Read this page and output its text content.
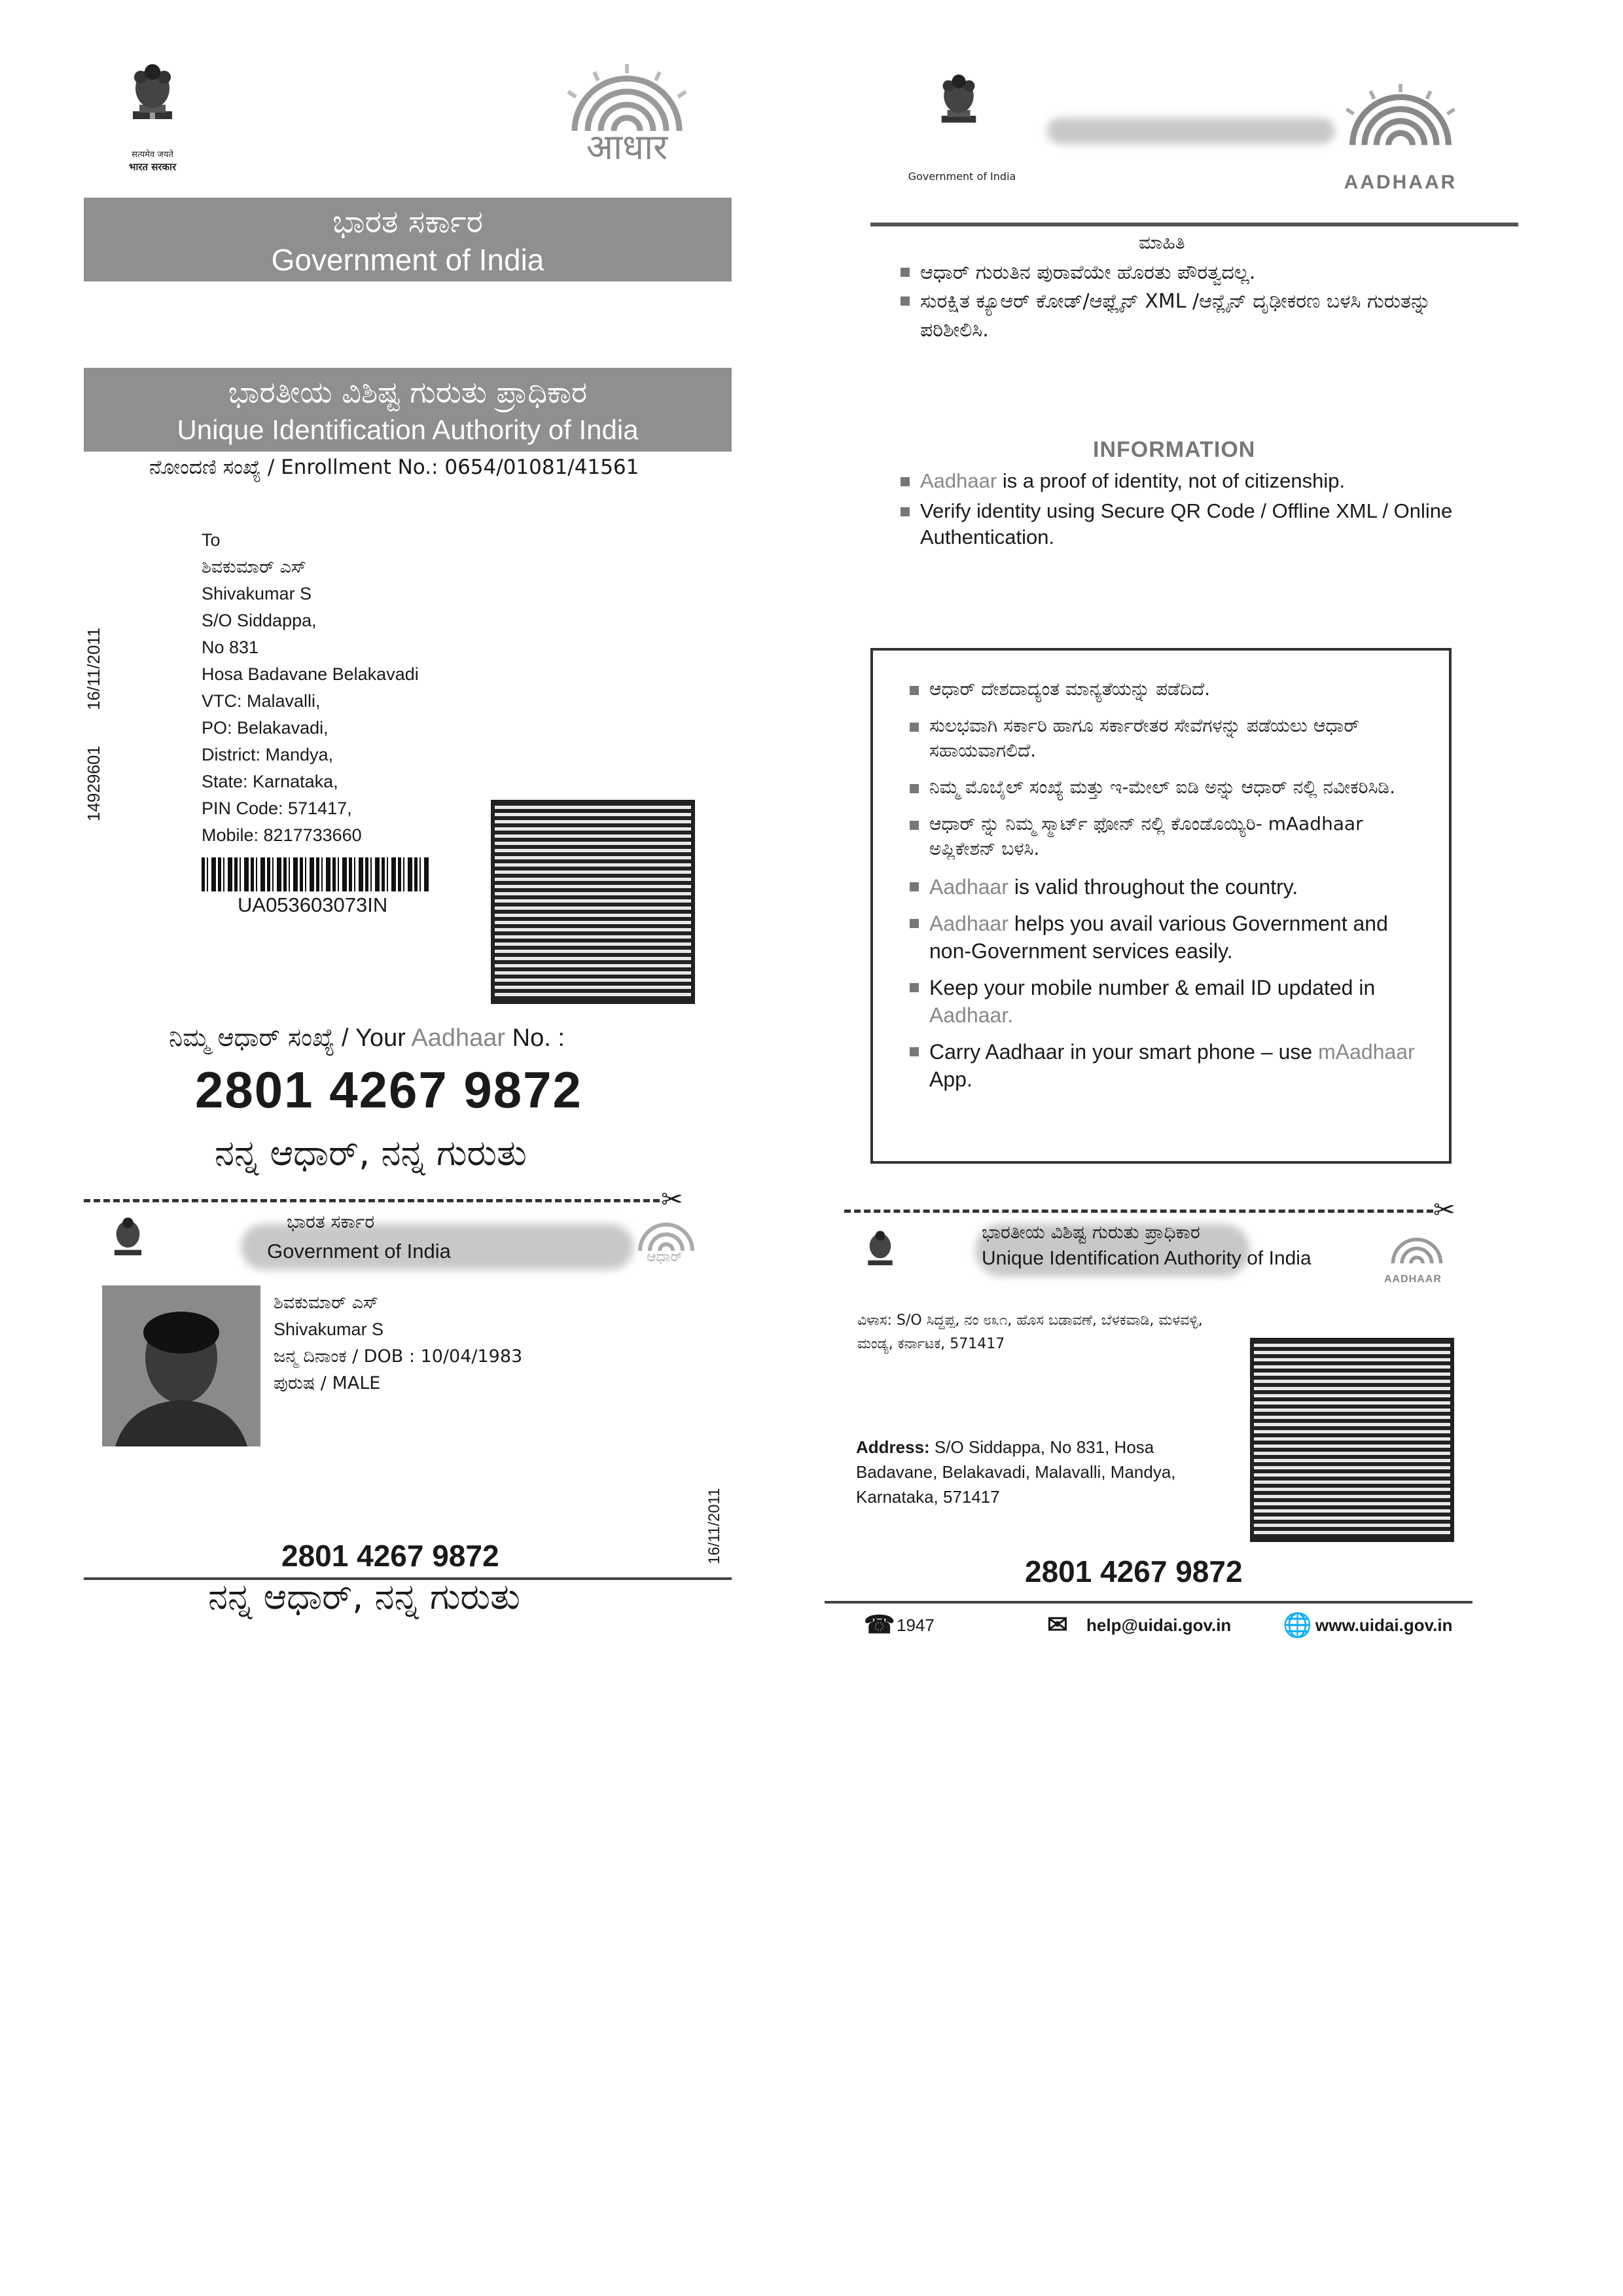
सत्यमेव जयते
भारत सरकार	आधार
ಭಾರತ ಸರ್ಕಾರ
Government of India
ಭಾರತೀಯ ವಿಶಿಷ್ಟ ಗುರುತು ಪ್ರಾಧಿಕಾರ
Unique Identification Authority of India
ನೋಂದಣಿ ಸಂಖ್ಯೆ / Enrollment No.: 0654/01081/41561
14929601
16/11/2011
To
ಶಿವಕುಮಾರ್ ಎಸ್
Shivakumar S
S/O Siddappa,
No 831
Hosa Badavane Belakavadi
VTC: Malavalli,
PO: Belakavadi,
District: Mandya,
State: Karnataka,
PIN Code: 571417,
Mobile: 8217733660
UA053603073IN
ನಿಮ್ಮ ಆಧಾರ್ ಸಂಖ್ಯೆ / Your Aadhaar No. :
2801 4267 9872
ನನ್ನ ಆಧಾರ್, ನನ್ನ ಗುರುತು
Government of India	AADHAAR
ಮಾಹಿತಿ
ಆಧಾರ್ ಗುರುತಿನ ಪುರಾವೆಯೇ ಹೊರತು ಪೌರತ್ವದಲ್ಲ.
ಸುರಕ್ಷಿತ ಕ್ಯೂಆರ್ ಕೋಡ್/ಆಫ್ಲೈನ್ XML /ಆನ್ಲೈನ್ ದೃಢೀಕರಣ ಬಳಸಿ ಗುರುತನ್ನು ಪರಿಶೀಲಿಸಿ.
INFORMATION
Aadhaar is a proof of identity, not of citizenship.
Verify identity using Secure QR Code / Offline XML / Online Authentication.
ಆಧಾರ್ ದೇಶದಾದ್ಯಂತ ಮಾನ್ಯತೆಯನ್ನು ಪಡೆದಿದೆ.
ಸುಲಭವಾಗಿ ಸರ್ಕಾರಿ ಹಾಗೂ ಸರ್ಕಾರೇತರ ಸೇವೆಗಳನ್ನು ಪಡೆಯಲು ಆಧಾರ್ ಸಹಾಯವಾಗಲಿದೆ.
ನಿಮ್ಮ ಮೊಬೈಲ್ ಸಂಖ್ಯೆ ಮತ್ತು ಇ-ಮೇಲ್ ಐಡಿ ಅನ್ನು ಆಧಾರ್ ನಲ್ಲಿ ನವೀಕರಿಸಿಡಿ.
ಆಧಾರ್ ನ್ನು ನಿಮ್ಮ ಸ್ಮಾರ್ಟ್ ಫೋನ್ ನಲ್ಲಿ ಕೊಂಡೊಯ್ಯಿರಿ- mAadhaar ಅಪ್ಲಿಕೇಶನ್ ಬಳಸಿ.
Aadhaar is valid throughout the country.
Aadhaar helps you avail various Government and non-Government services easily.
Keep your mobile number & email ID updated in Aadhaar.
Carry Aadhaar in your smart phone – use mAadhaar App.
✂
ಭಾರತ ಸರ್ಕಾರ
Government of India	ಆಧಾರ್
ಶಿವಕುಮಾರ್ ಎಸ್
Shivakumar S
ಜನ್ಮ ದಿನಾಂಕ / DOB : 10/04/1983
ಪುರುಷ / MALE
16/11/2011
2801 4267 9872
ನನ್ನ ಆಧಾರ್, ನನ್ನ ಗುರುತು
✂
ಭಾರತೀಯ ವಿಶಿಷ್ಟ ಗುರುತು ಪ್ರಾಧಿಕಾರ
Unique Identification Authority of India
AADHAAR
ವಿಳಾಸ: S/O ಸಿದ್ದಪ್ಪ, ನಂ ೮೩೧, ಹೊಸ ಬಡಾವಣೆ, ಬೆಳಕವಾಡಿ, ಮಳವಳ್ಳಿ, ಮಂಡ್ಯ, ಕರ್ನಾಟಕ, 571417
Address: S/O Siddappa, No 831, Hosa Badavane, Belakavadi, Malavalli, Mandya, Karnataka, 571417
2801 4267 9872
☎ 1947	✉ help@uidai.gov.in 🌐 www.uidai.gov.in
